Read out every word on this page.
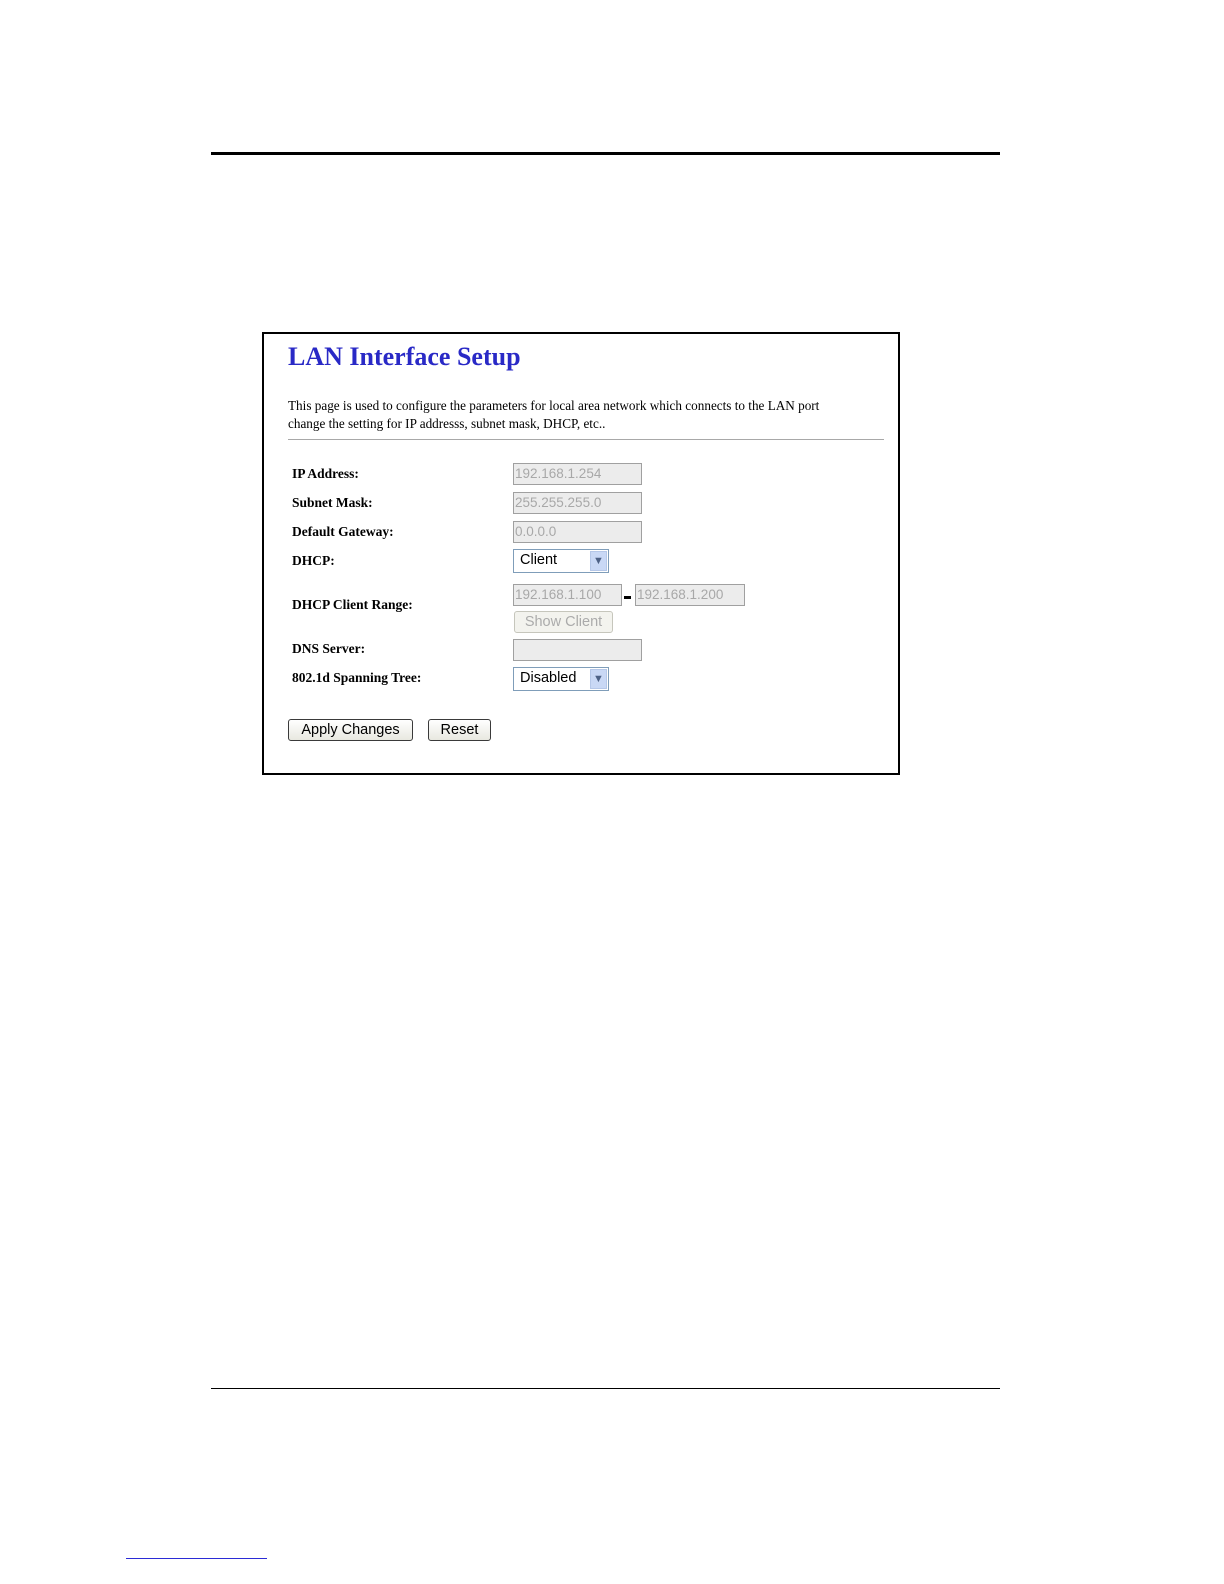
LAN Interface Setup
This page is used to configure the parameters for local area network which connects to the LAN port
change the setting for IP addresss, subnet mask, DHCP, etc..
IP Address:	192.168.1.254
Subnet Mask:	255.255.255.0
Default Gateway:	0.0.0.0
DHCP:	Client	▼
DHCP Client Range:
192.168.1.100	192.168.1.200
Show Client
DNS Server:
802.1d Spanning Tree:	Disabled ▼
Apply Changes	Reset
